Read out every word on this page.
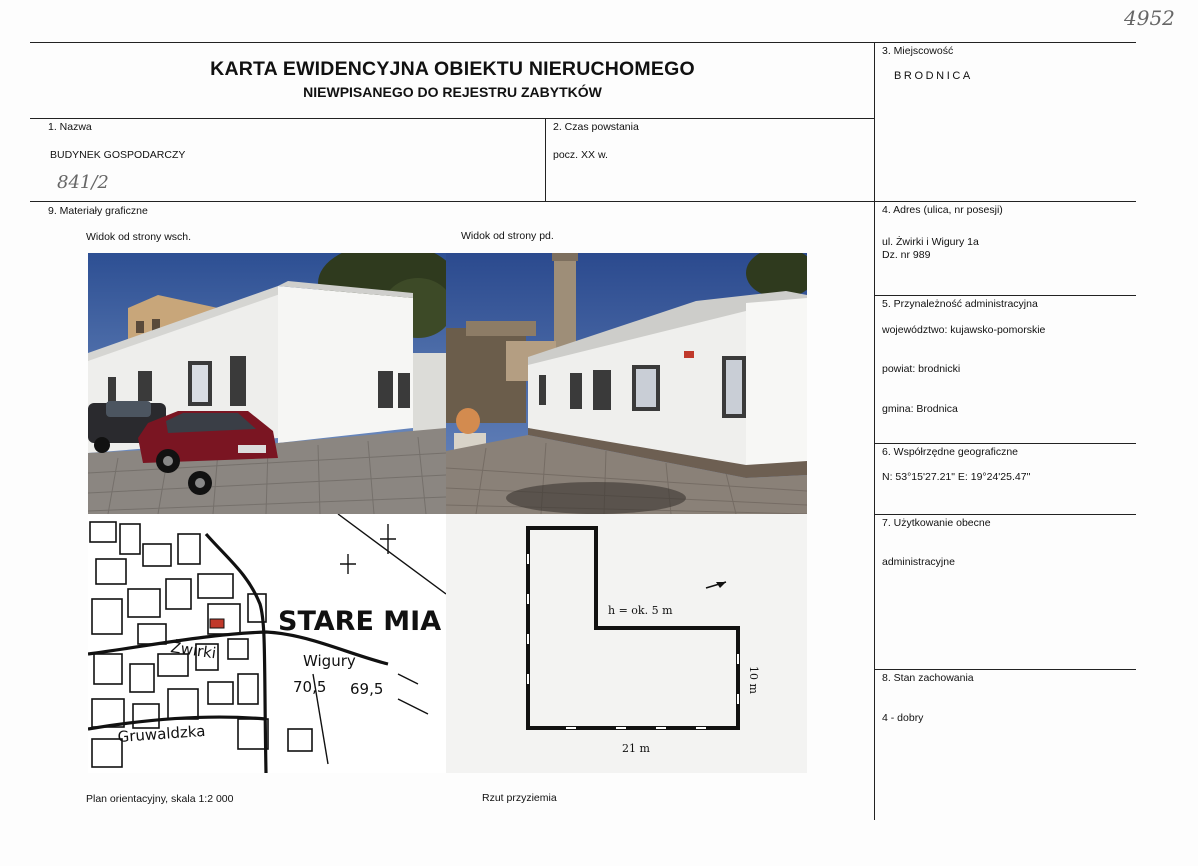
4952
KARTA EWIDENCYJNA OBIEKTU NIERUCHOMEGO
NIEWPISANEGO DO REJESTRU ZABYTKÓW
1. Nazwa
BUDYNEK GOSPODARCZY
841/2
2. Czas powstania
pocz. XX w.
3. Miejscowość
BRODNICA
4. Adres (ulica, nr posesji)
ul. Żwirki i Wigury 1a
Dz. nr 989
5. Przynależność administracyjna
województwo: kujawsko-pomorskie
powiat: brodnicki
gmina: Brodnica
6. Współrzędne geograficzne
N: 53°15'27.21" E: 19°24'25.47"
7. Użytkowanie obecne
administracyjne
8. Stan zachowania
4 - dobry
9. Materiały graficzne
Widok od strony wsch.	Widok od strony pd.
STARE MIA
Żwirki	Wigury
Gruwaldzka
70,5 69,5
h = ok. 5 m
21 m
10 m
Plan orientacyjny, skala 1:2 000	Rzut przyziemia
